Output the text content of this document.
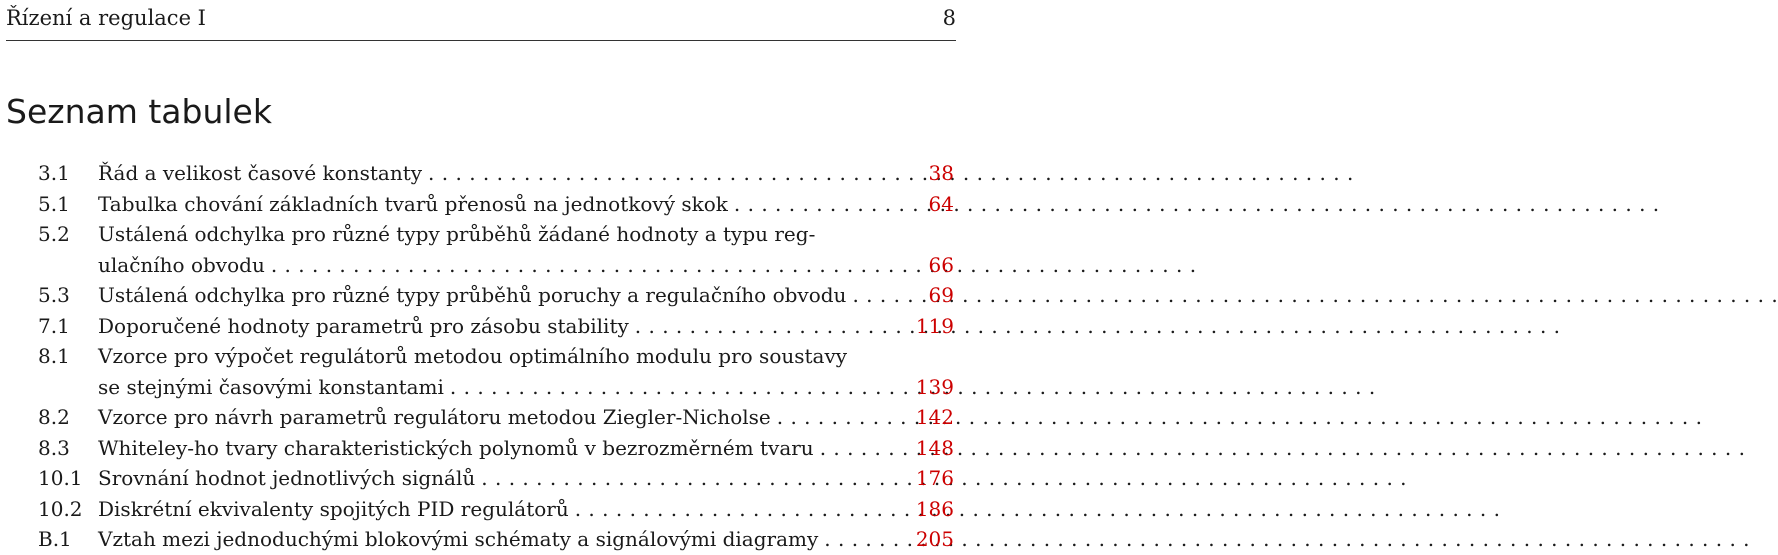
Řízení a regulace I	8
Seznam tabulek
3.1	Řád a velikost časové konstanty . . .	38
5.1	Tabulka chování základních tvarů přenosů na jednotkový skok . . .	64
5.2	Ustálená odchylka pro různé typy průběhů žádané hodnoty a typu reg-
ulačního obvodu . . .	66
5.3	Ustálená odchylka pro různé typy průběhů poruchy a regulačního obvodu . . .	69
7.1	Doporučené hodnoty parametrů pro zásobu stability . . .	119
8.1	Vzorce pro výpočet regulátorů metodou optimálního modulu pro soustavy
se stejnými časovými konstantami . . .	139
8.2	Vzorce pro návrh parametrů regulátoru metodou Ziegler-Nicholse . . .	142
8.3	Whiteley-ho tvary charakteristických polynomů v bezrozměrném tvaru . . .	148
10.1 Srovnání hodnot jednotlivých signálů . . .	176
10.2 Diskrétní ekvivalenty spojitých PID regulátorů . . .	186
B.1	Vztah mezi jednoduchými blokovými schématy a signálovými diagramy . . .	205
